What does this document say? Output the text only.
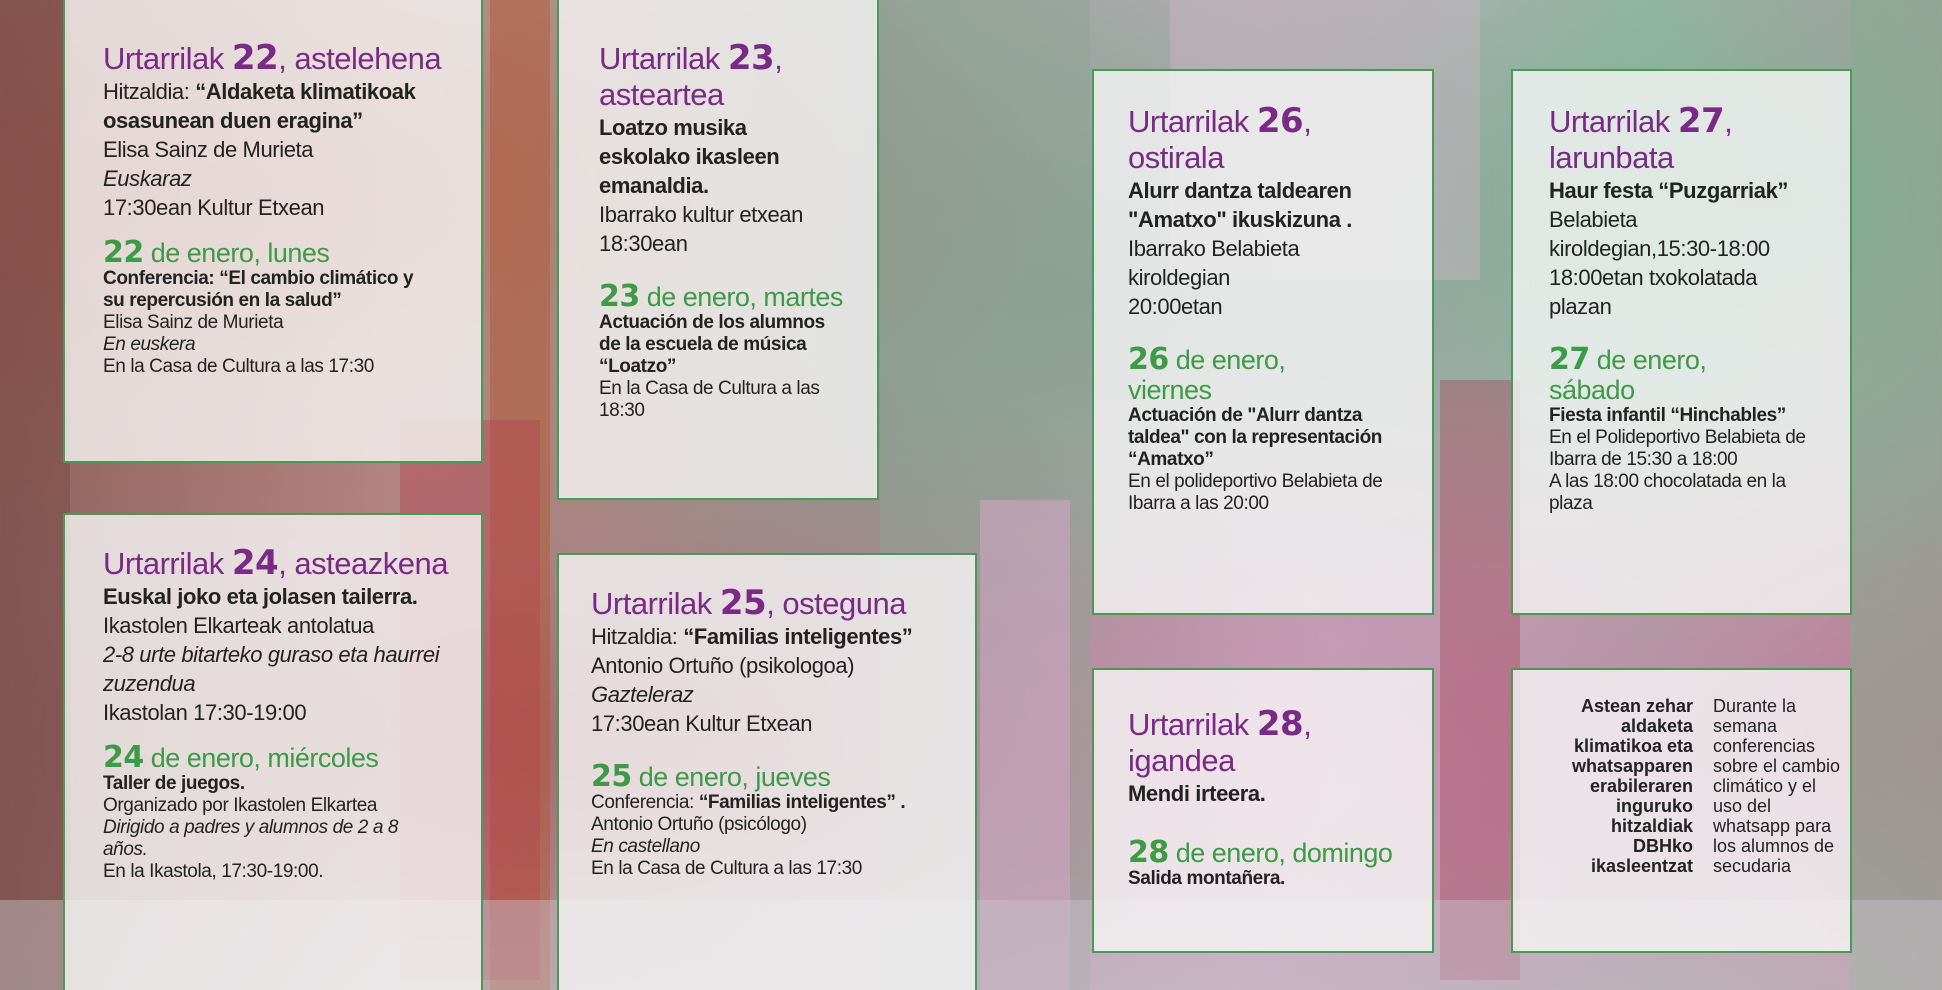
Urtarrilak 22, astelehena
Hitzaldia: “Aldaketa klimatikoak
osasunean duen eragina”
Elisa Sainz de Murieta
Euskaraz
17:30ean Kultur Etxean
22 de enero, lunes
Conferencia: “El cambio climático y
su repercusión en la salud”
Elisa Sainz de Murieta
En euskera
En la Casa de Cultura a las 17:30
Urtarrilak 23,
asteartea
Loatzo musika
eskolako ikasleen
emanaldia.
Ibarrako kultur etxean
18:30ean
23 de enero, martes
Actuación de los alumnos
de la escuela de música
“Loatzo”
En la Casa de Cultura a las
18:30
Urtarrilak 24, asteazkena
Euskal joko eta jolasen tailerra.
Ikastolen Elkarteak antolatua
2-8 urte bitarteko guraso eta haurrei
zuzendua
Ikastolan 17:30-19:00
24 de enero, miércoles
Taller de juegos.
Organizado por Ikastolen Elkartea
Dirigido a padres y alumnos de 2 a 8
años.
En la Ikastola, 17:30-19:00.
Urtarrilak 25, osteguna
Hitzaldia: “Familias inteligentes”
Antonio Ortuño (psikologoa)
Gazteleraz
17:30ean Kultur Etxean
25 de enero, jueves
Conferencia: “Familias inteligentes” .
Antonio Ortuño (psicólogo)
En castellano
En la Casa de Cultura a las 17:30
Urtarrilak 26,
ostirala
Alurr dantza taldearen
"Amatxo" ikuskizuna .
Ibarrako Belabieta
kiroldegian
20:00etan
26 de enero,
viernes
Actuación de "Alurr dantza
taldea" con la representación
“Amatxo”
En el polideportivo Belabieta de
Ibarra a las 20:00
Urtarrilak 27,
larunbata
Haur festa “Puzgarriak”
Belabieta
kiroldegian,15:30-18:00
18:00etan txokolatada
plazan
27 de enero,
sábado
Fiesta infantil “Hinchables”
En el Polideportivo Belabieta de
Ibarra de 15:30 a 18:00
A las 18:00 chocolatada en la
plaza
Urtarrilak 28,
igandea
Mendi irteera.
28 de enero, domingo
Salida montañera.
Astean zehar
aldaketa
klimatikoa eta
whatsapparen
erabileraren
inguruko
hitzaldiak
DBHko
ikasleentzat
Durante la
semana
conferencias
sobre el cambio
climático y el
uso del
whatsapp para
los alumnos de
secudaria
